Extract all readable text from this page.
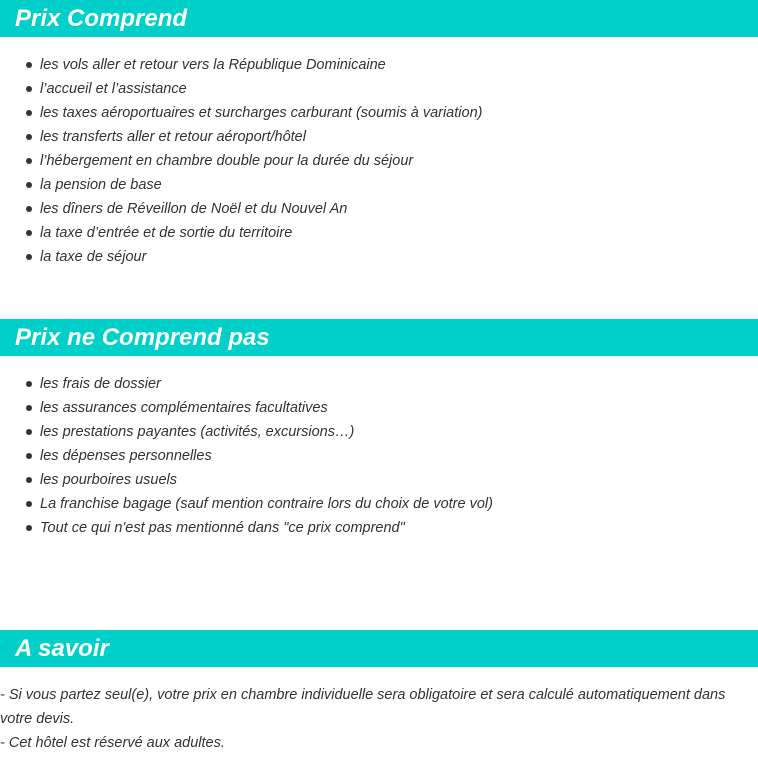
Prix Comprend
les vols aller et retour vers la République Dominicaine
l’accueil et l’assistance
les taxes aéroportuaires et surcharges carburant (soumis à variation)
les transferts aller et retour aéroport/hôtel
l’hébergement en chambre double pour la durée du séjour
la pension de base
les dîners de Réveillon de Noël et du Nouvel An
la taxe d’entrée et de sortie du territoire
la taxe de séjour
Prix ne Comprend pas
les frais de dossier
les assurances complémentaires facultatives
les prestations payantes (activités, excursions…)
les dépenses personnelles
les pourboires usuels
La franchise bagage (sauf mention contraire lors du choix de votre vol)
Tout ce qui n'est pas mentionné dans "ce prix comprend"
A savoir

- Si vous partez seul(e), votre prix en chambre individuelle sera obligatoire et sera calculé automatiquement dans votre devis.

- Cet hôtel est réservé aux adultes.
